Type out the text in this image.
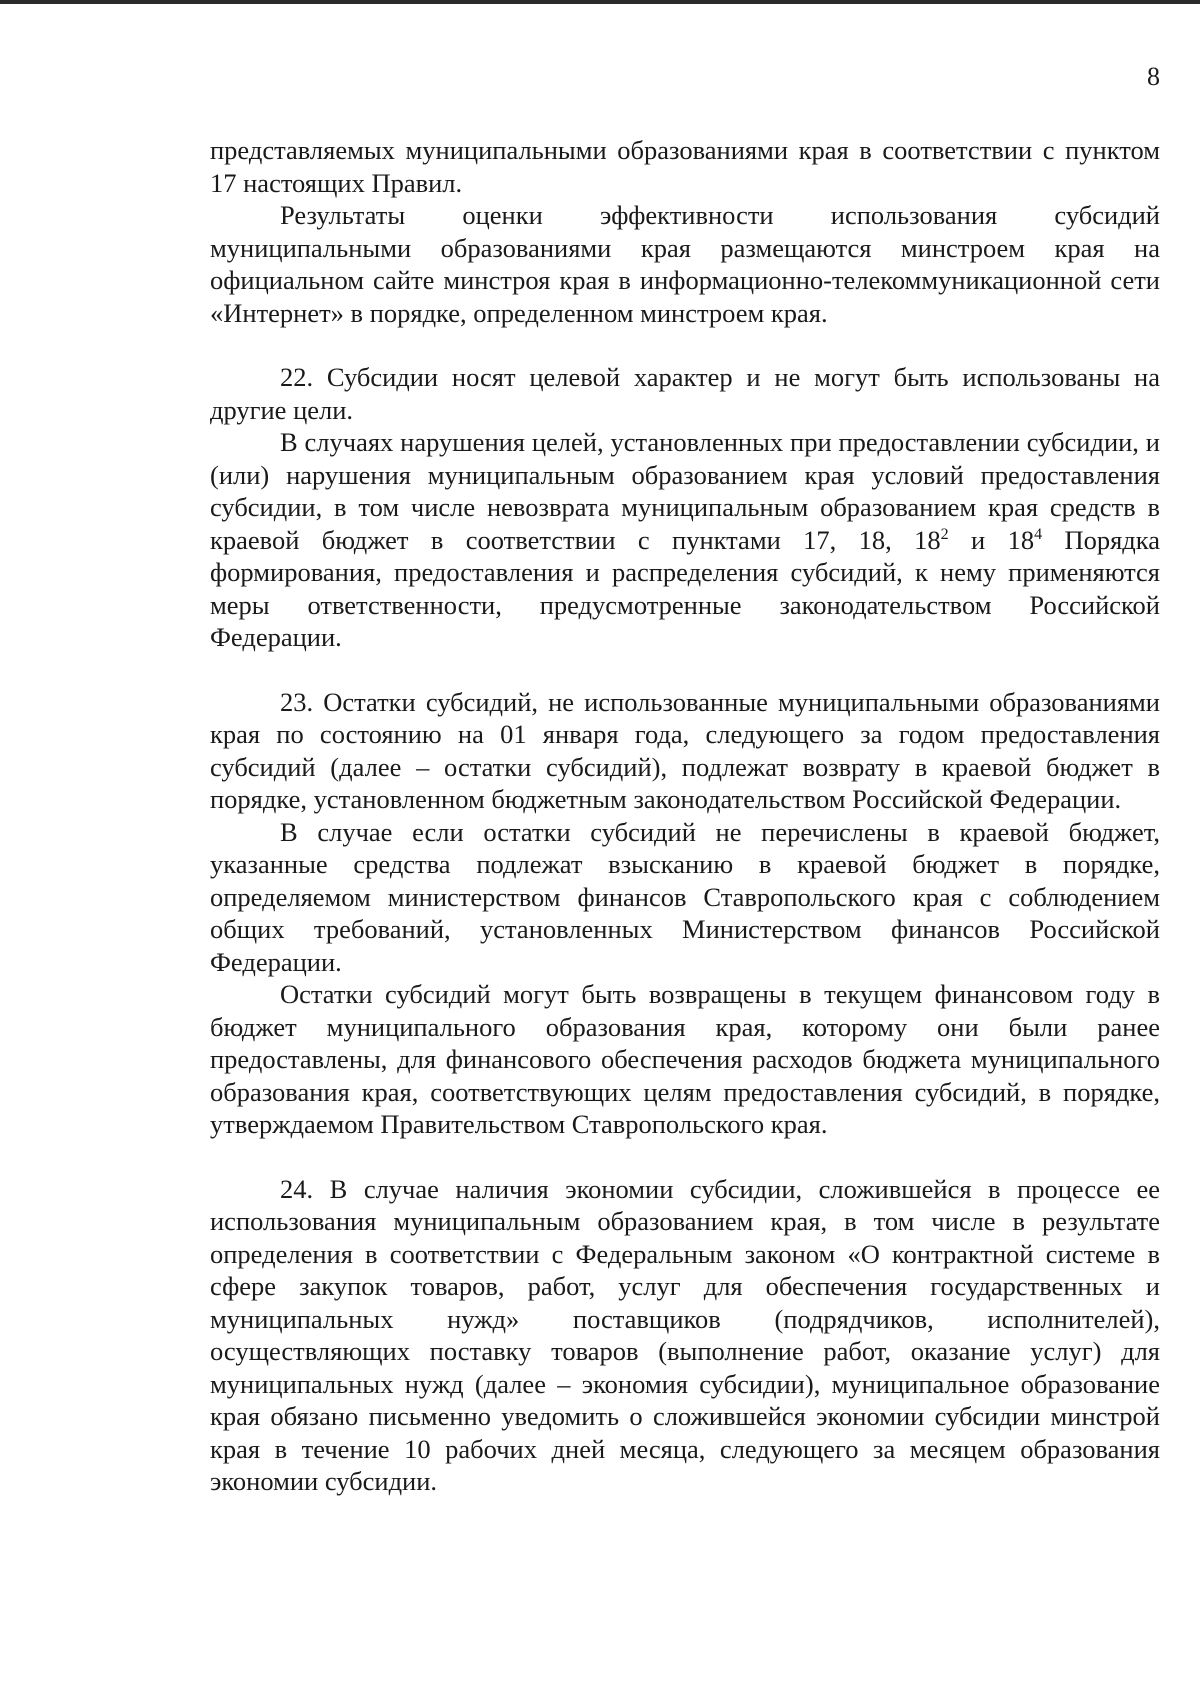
8

представляемых муниципальными образованиями края в соответствии с пунктом 17 настоящих Правил.

Результаты оценки эффективности использования субсидий муниципальными образованиями края размещаются минстроем края на официальном сайте минстроя края в информационно-телекоммуникационной сети «Интернет» в порядке, определенном минстроем края.

22. Субсидии носят целевой характер и не могут быть использованы на другие цели.

В случаях нарушения целей, установленных при предоставлении субсидии, и (или) нарушения муниципальным образованием края условий предоставления субсидии, в том числе невозврата муниципальным образованием края средств в краевой бюджет в соответствии с пунктами 17, 18, $18^2$ и $18^4$ Порядка формирования, предоставления и распределения субсидий, к нему применяются меры ответственности, предусмотренные законодательством Российской Федерации.

23. Остатки субсидий, не использованные муниципальными образованиями края по состоянию на 01 января года, следующего за годом предоставления субсидий (далее – остатки субсидий), подлежат возврату в краевой бюджет в порядке, установленном бюджетным законодательством Российской Федерации.

В случае если остатки субсидий не перечислены в краевой бюджет, указанные средства подлежат взысканию в краевой бюджет в порядке, определяемом министерством финансов Ставропольского края с соблюдением общих требований, установленных Министерством финансов Российской Федерации.

Остатки субсидий могут быть возвращены в текущем финансовом году в бюджет муниципального образования края, которому они были ранее предоставлены, для финансового обеспечения расходов бюджета муниципального образования края, соответствующих целям предоставления субсидий, в порядке, утверждаемом Правительством Ставропольского края.

24. В случае наличия экономии субсидии, сложившейся в процессе ее использования муниципальным образованием края, в том числе в результате определения в соответствии с Федеральным законом «О контрактной системе в сфере закупок товаров, работ, услуг для обеспечения государственных и муниципальных нужд» поставщиков (подрядчиков, исполнителей), осуществляющих поставку товаров (выполнение работ, оказание услуг) для муниципальных нужд (далее – экономия субсидии), муниципальное образование края обязано письменно уведомить о сложившейся экономии субсидии минстрой края в течение 10 рабочих дней месяца, следующего за месяцем образования экономии субсидии.
